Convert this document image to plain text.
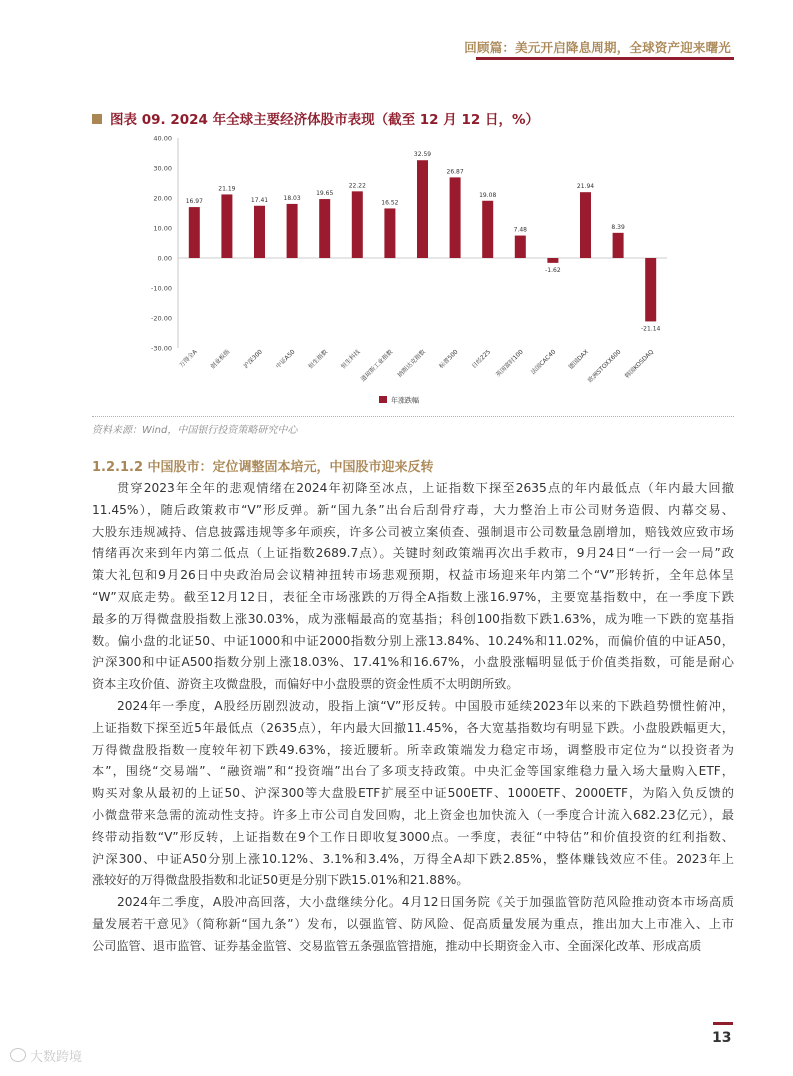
回顾篇：美元开启降息周期，全球资产迎来曙光
图表 09. 2024 年全球主要经济体股市表现（截至 12 月 12 日，%）
40.00
30.00
20.00
10.00
0.00
-10.00
-20.00
-30.00
16.97
21.19
17.41	18.03
19.65
22.22
16.52
32.59
26.87
19.08
7.48
-1.62
21.94
8.39
-21.14
万得全A 创业板指 沪深300 中证A50 恒生指数 恒生科技
道琼斯工业指数 纳斯达克指数 标普500 日经225 英国富时100 法国CAC40 德国DAX
欧洲STOXX600 韩国KOSDAQ
年涨跌幅
资料来源：Wind，中国银行投资策略研究中心
1.2.1.2 中国股市：定位调整固本培元，中国股市迎来反转

贯穿2023年全年的悲观情绪在2024年初降至冰点，上证指数下探至2635点的年内最低点（年内最大回撤
11.45%），随后政策救市“V”形反弹。新“国九条”出台后刮骨疗毒，大力整治上市公司财务造假、内幕交易、
大股东违规减持、信息披露违规等多年顽疾，许多公司被立案侦查、强制退市公司数量急剧增加，赔钱效应致市场
情绪再次来到年内第二低点（上证指数2689.7点）。关键时刻政策端再次出手救市，9月24日“一行一会一局”政
策大礼包和9月26日中央政治局会议精神扭转市场悲观预期，权益市场迎来年内第二个“V”形转折，全年总体呈
“W”双底走势。截至12月12日，表征全市场涨跌的万得全A指数上涨16.97%，主要宽基指数中，在一季度下跌
最多的万得微盘股指数上涨30.03%，成为涨幅最高的宽基指；科创100指数下跌1.63%，成为唯一下跌的宽基指
数。偏小盘的北证50、中证1000和中证2000指数分别上涨13.84%、10.24%和11.02%，而偏价值的中证A50，
沪深300和中证A500指数分别上涨18.03%、17.41%和16.67%，小盘股涨幅明显低于价值类指数，可能是耐心
资本主攻价值、游资主攻微盘股，而偏好中小盘股票的资金性质不太明朗所致。

2024年一季度，A股经历剧烈波动，股指上演“V”形反转。中国股市延续2023年以来的下跌趋势惯性俯冲，
上证指数下探至近5年最低点（2635点），年内最大回撤11.45%，各大宽基指数均有明显下跌。小盘股跌幅更大，
万得微盘股指数一度较年初下跌49.63%，接近腰斩。所幸政策端发力稳定市场，调整股市定位为“以投资者为
本”，围绕“交易端”、“融资端”和“投资端”出台了多项支持政策。中央汇金等国家维稳力量入场大量购入ETF，
购买对象从最初的上证50、沪深300等大盘股ETF扩展至中证500ETF、1000ETF、2000ETF，为陷入负反馈的
小微盘带来急需的流动性支持。许多上市公司自发回购，北上资金也加快流入（一季度合计流入682.23亿元），最
终带动指数“V”形反转，上证指数在9个工作日即收复3000点。一季度，表征“中特估”和价值投资的红利指数、
沪深300、中证A50分别上涨10.12%、3.1%和3.4%，万得全A却下跌2.85%，整体赚钱效应不佳。2023年上
涨较好的万得微盘股指数和北证50更是分别下跌15.01%和21.88%。

2024年二季度，A股冲高回落，大小盘继续分化。4月12日国务院《关于加强监管防范风险推动资本市场高质
量发展若干意见》（简称新“国九条”）发布，以强监管、防风险、促高质量发展为重点，推出加大上市准入、上市
公司监管、退市监管、证券基金监管、交易监管五条强监管措施，推动中长期资金入市、全面深化改革、形成高质

13
大数跨境
